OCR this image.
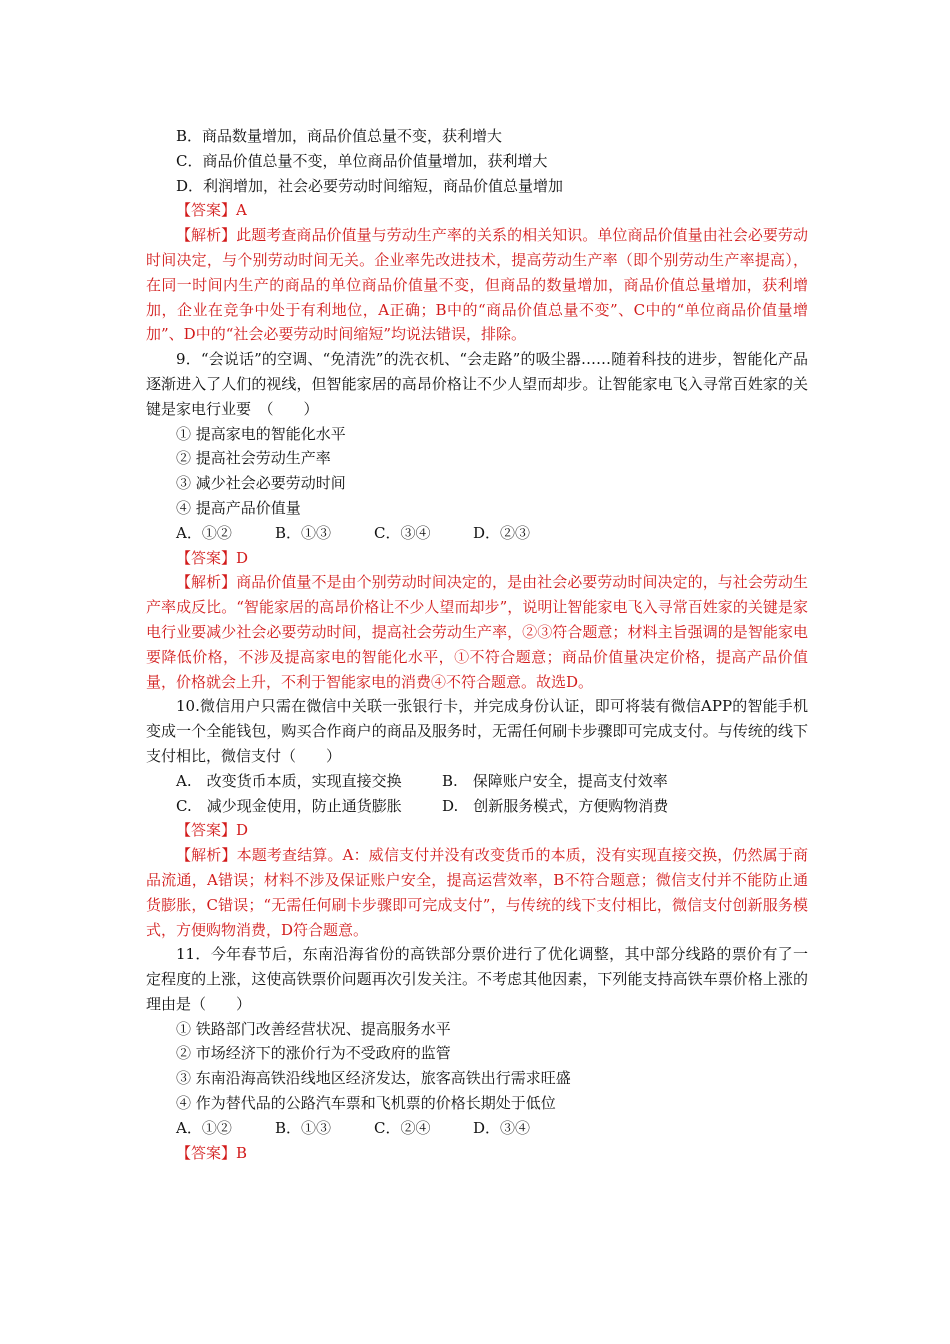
B．商品数量增加，商品价值总量不变，获利增大
C．商品价值总量不变，单位商品价值量增加，获利增大
D．利润增加，社会必要劳动时间缩短，商品价值总量增加
【答案】A
【解析】此题考查商品价值量与劳动生产率的关系的相关知识。单位商品价值量由社会必要劳动时间决定，与个别劳动时间无关。企业率先改进技术，提高劳动生产率（即个别劳动生产率提高），在同一时间内生产的商品的单位商品价值量不变，但商品的数量增加，商品价值总量增加，获利增加，企业在竞争中处于有利地位，A正确；B中的“商品价值总量不变”、C中的“单位商品价值量增加”、D中的“社会必要劳动时间缩短”均说法错误，排除。
9．“会说话”的空调、“免清洗”的洗衣机、“会走路”的吸尘器……随着科技的进步，智能化产品逐渐进入了人们的视线，但智能家居的高昂价格让不少人望而却步。让智能家电飞入寻常百姓家的关键是家电行业要　（　　）
① 提高家电的智能化水平
② 提高社会劳动生产率
③ 减少社会必要劳动时间
④ 提高产品价值量
A．①②	B．①③	C．③④	D．②③
【答案】D
【解析】商品价值量不是由个别劳动时间决定的，是由社会必要劳动时间决定的，与社会劳动生产率成反比。“智能家居的高昂价格让不少人望而却步”，说明让智能家电飞入寻常百姓家的关键是家电行业要减少社会必要劳动时间，提高社会劳动生产率，②③符合题意；材料主旨强调的是智能家电要降低价格，不涉及提高家电的智能化水平，①不符合题意；商品价值量决定价格，提高产品价值量，价格就会上升，不利于智能家电的消费④不符合题意。故选D。
10.微信用户只需在微信中关联一张银行卡，并完成身份认证，即可将装有微信APP的智能手机变成一个全能钱包，购买合作商户的商品及服务时，无需任何刷卡步骤即可完成支付。与传统的线下支付相比，微信支付（　　）
A.　改变货币本质，实现直接交换	B.　保障账户安全，提高支付效率
C.　减少现金使用，防止通货膨胀	D.　创新服务模式，方便购物消费
【答案】D
【解析】本题考查结算。A：威信支付并没有改变货币的本质，没有实现直接交换，仍然属于商品流通，A错误；材料不涉及保证账户安全，提高运营效率，B不符合题意；微信支付并不能防止通货膨胀，C错误；“无需任何刷卡步骤即可完成支付”，与传统的线下支付相比，微信支付创新服务模式，方便购物消费，D符合题意。
11．今年春节后，东南沿海省份的高铁部分票价进行了优化调整，其中部分线路的票价有了一定程度的上涨，这使高铁票价问题再次引发关注。不考虑其他因素，下列能支持高铁车票价格上涨的理由是（　　）
① 铁路部门改善经营状况、提高服务水平
② 市场经济下的涨价行为不受政府的监管
③ 东南沿海高铁沿线地区经济发达，旅客高铁出行需求旺盛
④ 作为替代品的公路汽车票和飞机票的价格长期处于低位
A．①②	B．①③	C．②④	D．③④
【答案】B
